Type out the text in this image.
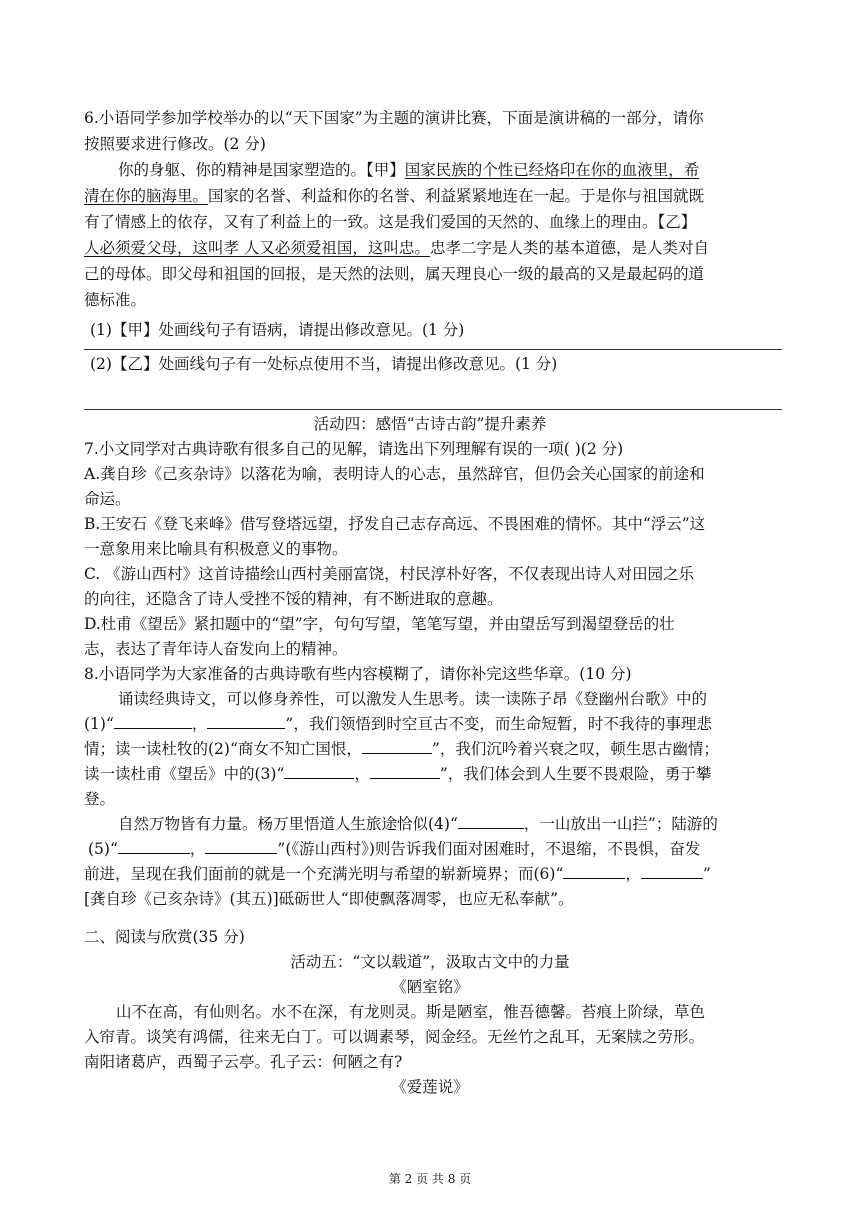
6.小语同学参加学校举办的以“天下国家”为主题的演讲比赛，下面是演讲稿的一部分，请你
按照要求进行修改。(2 分)
你的身躯、你的精神是国家塑造的。【甲】国家民族的个性已经烙印在你的血液里，希
清在你的脑海里。国家的名誉、利益和你的名誉、利益紧紧地连在一起。于是你与祖国就既
有了情感上的依存，又有了利益上的一致。这是我们爱国的天然的、血缘上的理由。【乙】
人必须爱父母，这叫孝 人又必须爱祖国，这叫忠。忠孝二字是人类的基本道德，是人类对自
己的母体。即父母和祖国的回报，是天然的法则，属天理良心一级的最高的又是最起码的道
德标准。
(1)【甲】处画线句子有语病，请提出修改意见。(1 分)
(2)【乙】处画线句子有一处标点使用不当，请提出修改意见。(1 分)
活动四：感悟“古诗古韵”提升素养
7.小文同学对古典诗歌有很多自己的见解，请选出下列理解有误的一项( )(2 分)
A.龚自珍《己亥杂诗》以落花为喻，表明诗人的心志，虽然辞官，但仍会关心国家的前途和
命运。
B.王安石《登飞来峰》借写登塔远望，抒发自己志存高远、不畏困难的情怀。其中“浮云”这
一意象用来比喻具有积极意义的事物。
C. 《游山西村》这首诗描绘山西村美丽富饶，村民淳朴好客，不仅表现出诗人对田园之乐
的向往，还隐含了诗人受挫不馁的精神，有不断进取的意趣。
D.杜甫《望岳》紧扣题中的“望”字，句句写望，笔笔写望，并由望岳写到渴望登岳的壮
志，表达了青年诗人奋发向上的精神。
8.小语同学为大家准备的古典诗歌有些内容模糊了，请你补完这些华章。(10 分)
诵读经典诗文，可以修身养性，可以激发人生思考。读一读陈子昂《登幽州台歌》中的
(1)“	，	”，我们领悟到时空亘古不变，而生命短暂，时不我待的事理悲
情；读一读杜牧的(2)“商女不知亡国恨，	”，我们沉吟着兴衰之叹，顿生思古幽情；
读一读杜甫《望岳》中的(3)“	，	”，我们体会到人生要不畏艰险，勇于攀
登。
自然万物皆有力量。杨万里悟道人生旅途恰似(4)“	，一山放出一山拦”；陆游的
(5)“	，	”(《游山西村》)则告诉我们面对困难时，不退缩，不畏惧，奋发
前进，呈现在我们面前的就是一个充满光明与希望的崭新境界；而(6)“	，	”
[龚自珍《己亥杂诗》(其五)]砥砺世人“即使飘落凋零，也应无私奉献”。
二、阅读与欣赏(35 分)
活动五：“文以载道”，汲取古文中的力量
《陋室铭》
山不在高，有仙则名。水不在深，有龙则灵。斯是陋室，惟吾德馨。苔痕上阶绿，草色
入帘青。谈笑有鸿儒，往来无白丁。可以调素琴，阅金经。无丝竹之乱耳，无案牍之劳形。
南阳诸葛庐，西蜀子云亭。孔子云：何陋之有?
《爱莲说》
第 2 页 共 8 页
